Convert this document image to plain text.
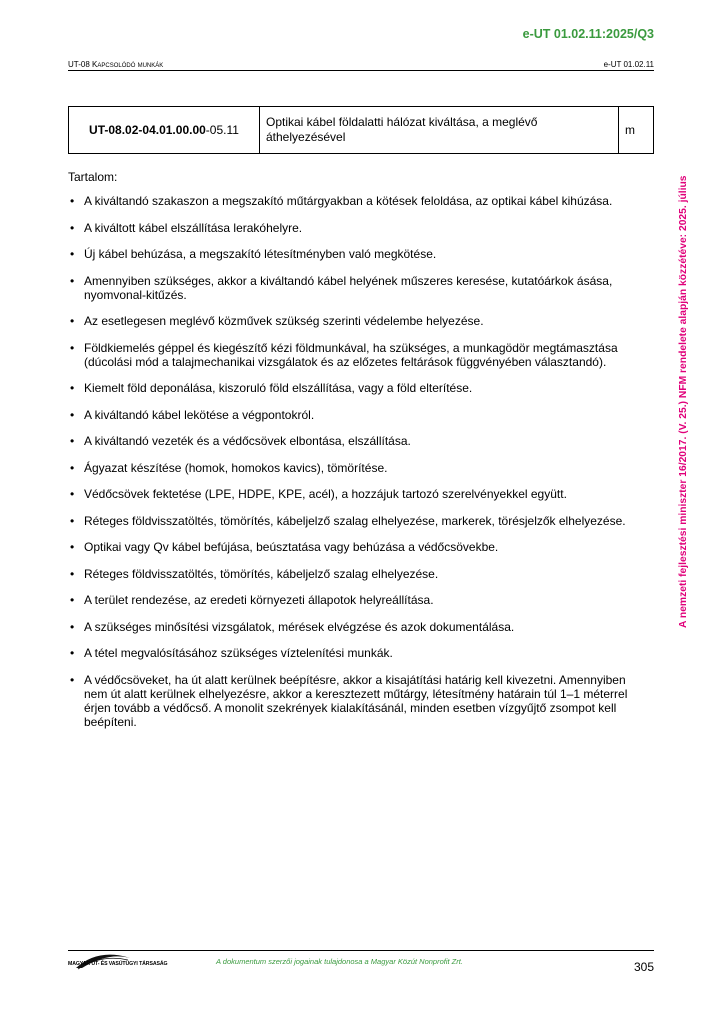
e-UT 01.02.11:2025/Q3
UT-08 Kapcsolódó munkák	e-UT 01.02.11
UT-08.02-04.01.00.00-05.11	Optikai kábel földalatti hálózat kiváltása, a meglévő áthelyezésével	m

Tartalom:

• A kiváltandó szakaszon a megszakító műtárgyakban a kötések feloldása, az optikai kábel kihúzása.
• A kiváltott kábel elszállítása lerakóhelyre.
• Új kábel behúzása, a megszakító létesítményben való megkötése.
• Amennyiben szükséges, akkor a kiváltandó kábel helyének műszeres keresése, kutatóárkok ásása, nyomvonal-kitűzés.
• Az esetlegesen meglévő közművek szükség szerinti védelembe helyezése.
• Földkiemelés géppel és kiegészítő kézi földmunkával, ha szükséges, a munkagödör megtámasztása (dúcolási mód a talajmechanikai vizsgálatok és az előzetes feltárások függvényében választandó).
• Kiemelt föld deponálása, kiszoruló föld elszállítása, vagy a föld elterítése.
• A kiváltandó kábel lekötése a végpontokról.
• A kiváltandó vezeték és a védőcsövek elbontása, elszállítása.
• Ágyazat készítése (homok, homokos kavics), tömörítése.
• Védőcsövek fektetése (LPE, HDPE, KPE, acél), a hozzájuk tartozó szerelvényekkel együtt.
• Réteges földvisszatöltés, tömörítés, kábeljelző szalag elhelyezése, markerek, törésjelzők elhelyezése.
• Optikai vagy Qv kábel befújása, beúsztatása vagy behúzása a védőcsövekbe.
• Réteges földvisszatöltés, tömörítés, kábeljelző szalag elhelyezése.
• A terület rendezése, az eredeti környezeti állapotok helyreállítása.
• A szükséges minősítési vizsgálatok, mérések elvégzése és azok dokumentálása.
• A tétel megvalósításához szükséges víztelenítési munkák.
• A védőcsöveket, ha út alatt kerülnek beépítésre, akkor a kisajátítási határig kell kivezetni. Amennyiben nem út alatt kerülnek elhelyezésre, akkor a keresztezett műtárgy, létesítmény határain túl 1–1 méterrel érjen tovább a védőcső. A monolit szekrények kialakításánál, minden esetben vízgyűjtő zsompot kell beépíteni.
A nemzeti fejlesztési miniszter 16/2017. (V. 25.) NFM rendelete alapján közzétéve: 2025. július
MAGYAR ÚT- ÉS VASÚTÜGYI TÁRSASÁG	A dokumentum szerzői jogainak tulajdonosa a Magyar Közút Nonprofit Zrt.	305
